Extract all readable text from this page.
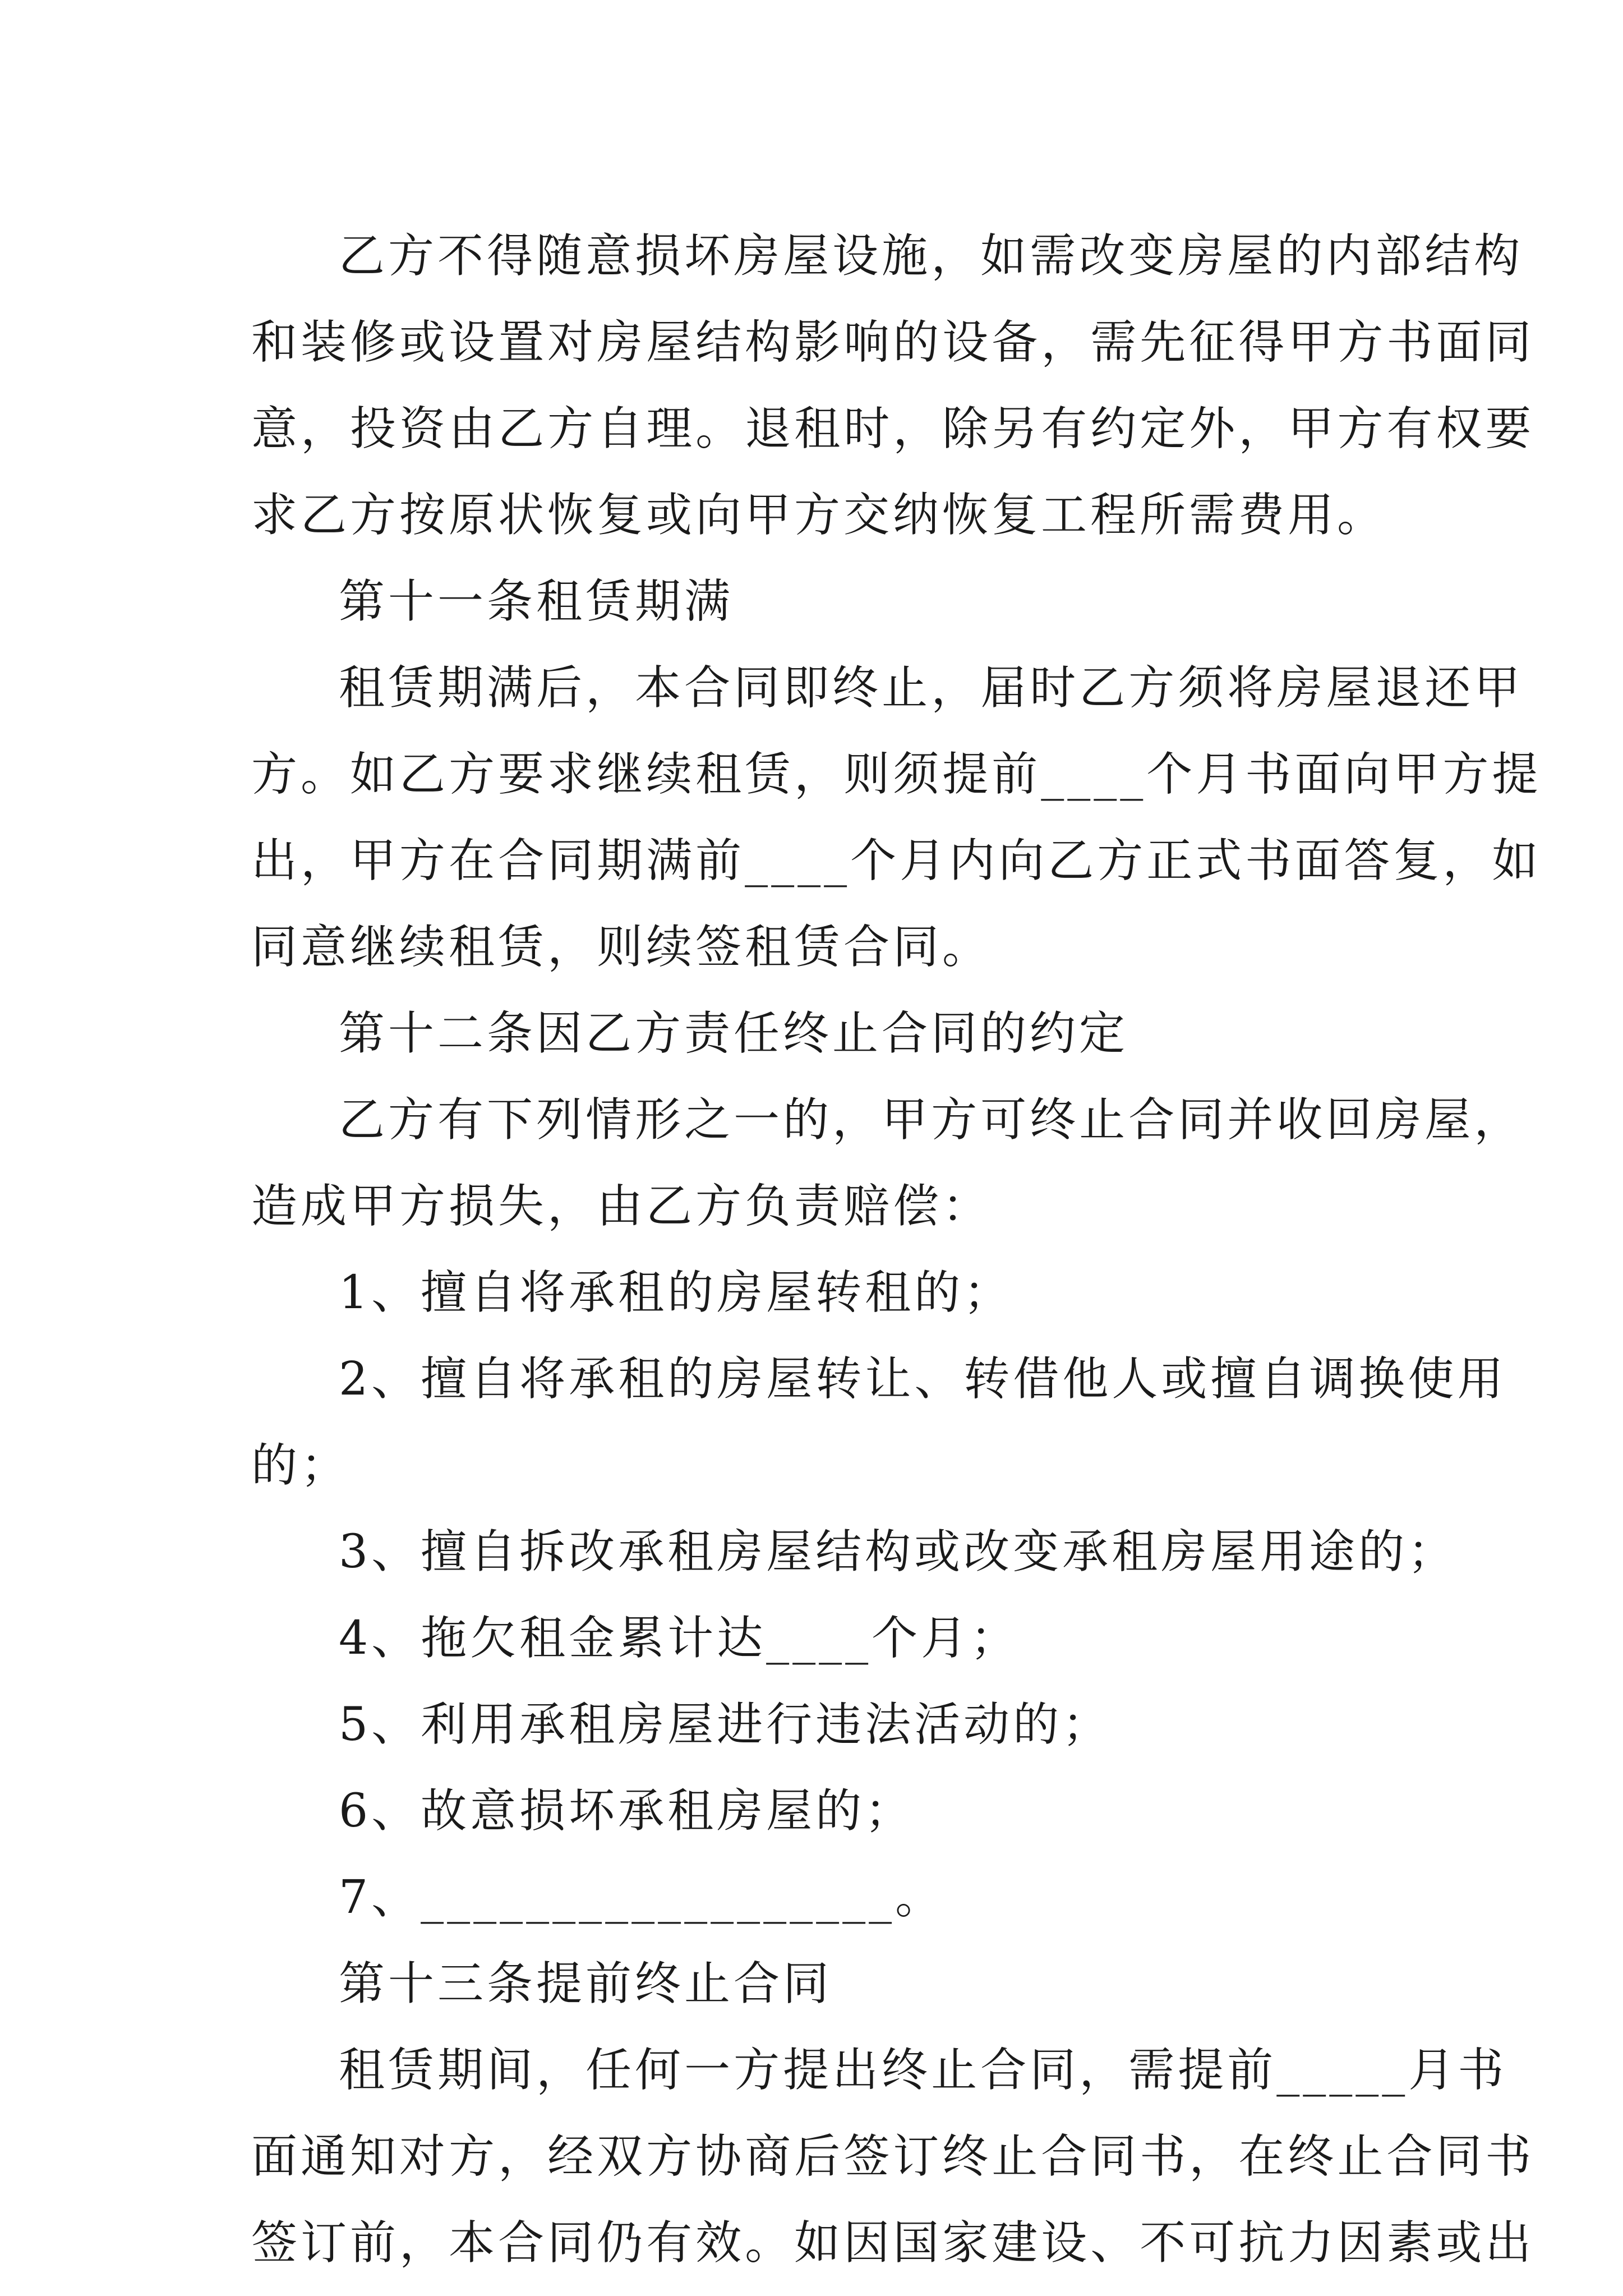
乙 方 不 得 随 意 损 坏 房 屋 设 施 ， 如 需 改 变 房 屋 的 内 部 结 构
和 装 修 或 设 置 对 房 屋 结 构 影 响 的 设 备 ， 需 先 征 得 甲 方 书 面 同
意 ， 投 资 由 乙 方 自 理 。 退 租 时 ， 除 另 有 约 定 外 ， 甲 方 有 权 要
求乙方按原状恢复或向甲方交纳恢复工程所需费用。
第十一条租赁期满
租 赁 期 满 后 ， 本 合 同 即 终 止 ， 届 时 乙 方 须 将 房 屋 退 还 甲
方 。 如 乙 方 要 求 继 续 租 赁 ， 则 须 提 前 ____ 个 月 书 面 向 甲 方 提
出 ， 甲 方 在 合 同 期 满 前 ____ 个 月 内 向 乙 方 正 式 书 面 答 复 ， 如
同意继续租赁，则续签租赁合同。
第十二条因乙方责任终止合同的约定
乙 方 有 下 列 情 形 之 一 的 ， 甲 方 可 终 止 合 同 并 收 回 房 屋 ，
造成甲方损失，由乙方负责赔偿：
1、擅自将承租的房屋转租的；
2 、 擅 自 将 承 租 的 房 屋 转 让 、 转 借 他 人 或 擅 自 调 换 使 用
的；
3、擅自拆改承租房屋结构或改变承租房屋用途的；
4、拖欠租金累计达____个月；
5、利用承租房屋进行违法活动的；
6、故意损坏承租房屋的；
7、__________________。
第十三条提前终止合同
租 赁 期 间 ， 任 何 一 方 提 出 终 止 合 同 ， 需 提 前 _____ 月 书
面 通 知 对 方 ， 经 双 方 协 商 后 签 订 终 止 合 同 书 ， 在 终 止 合 同 书
签 订 前 ， 本 合 同 仍 有 效 。 如 因 国 家 建 设 、 不 可 抗 力 因 素 或 出
